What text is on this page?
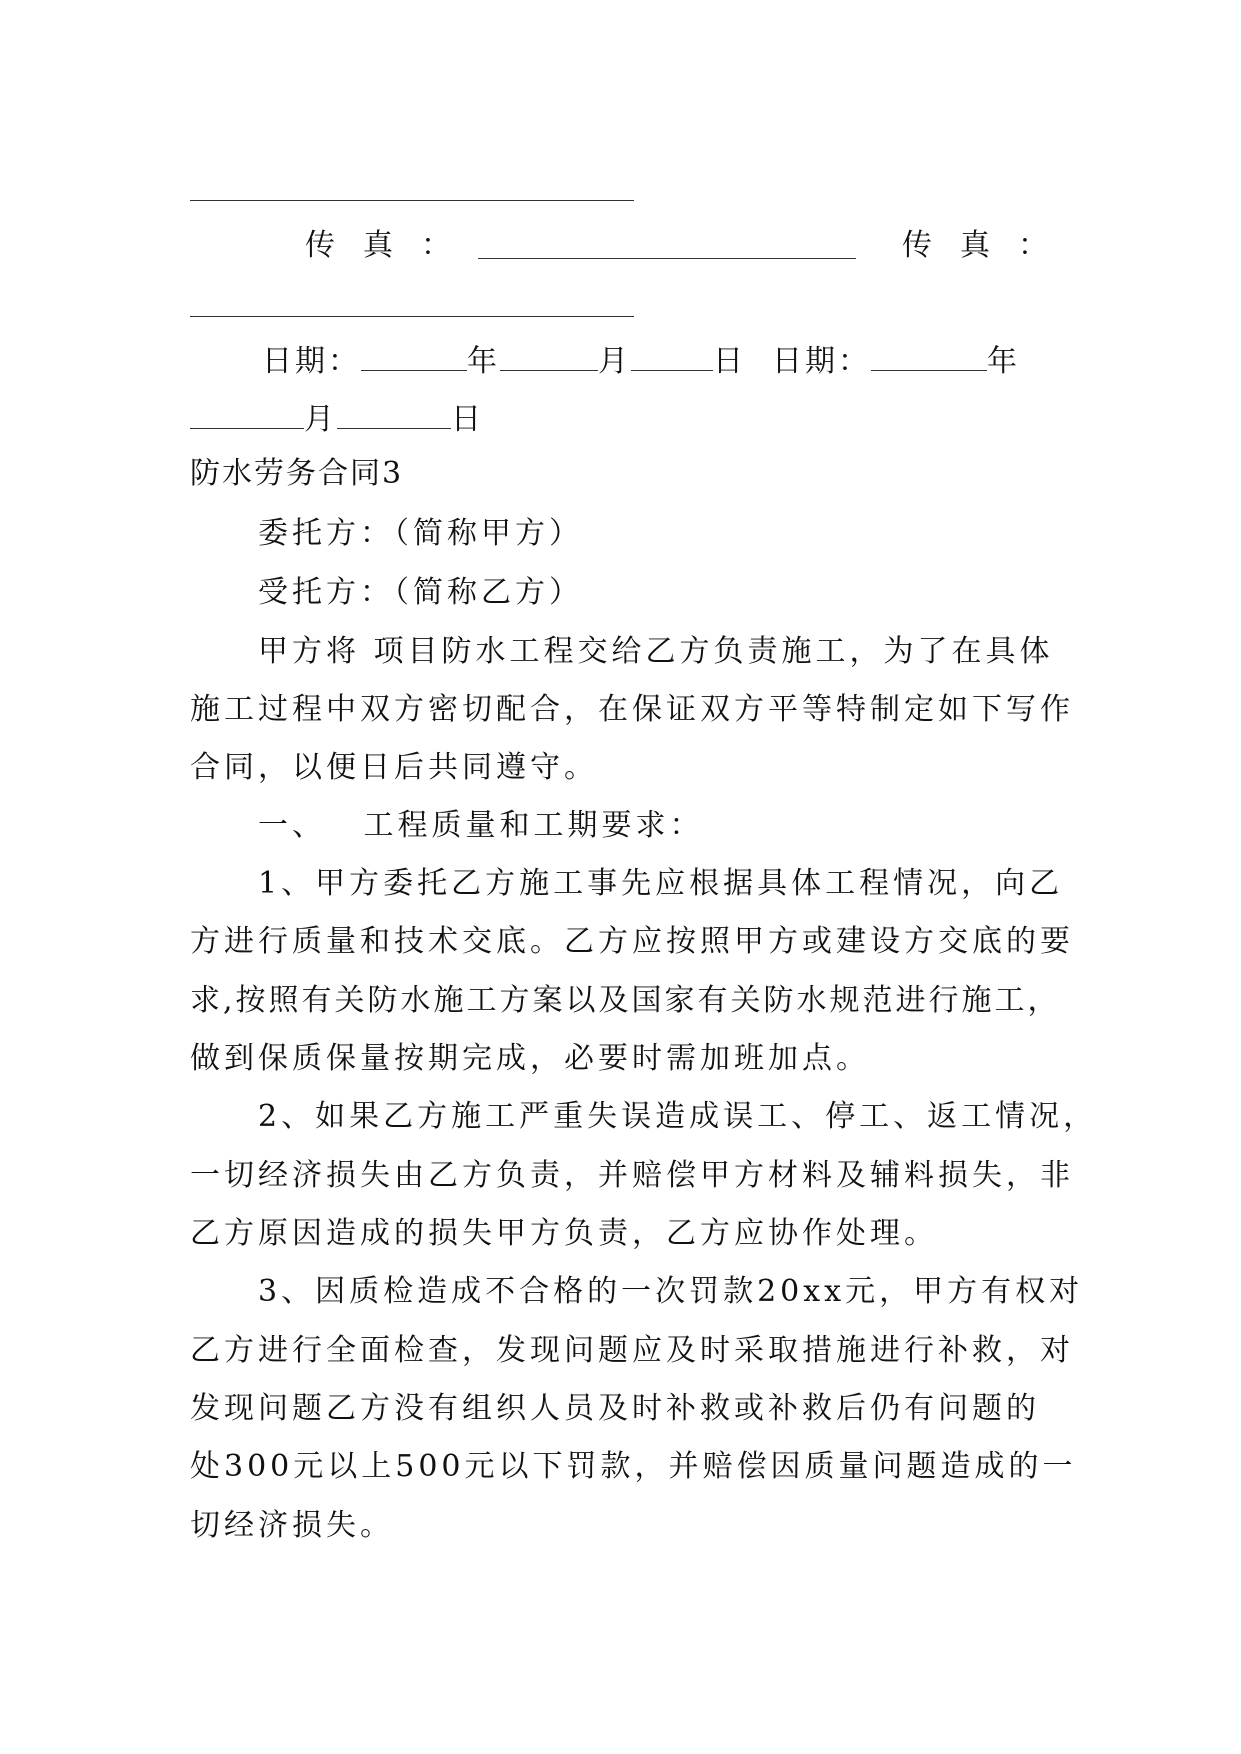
传 真 ：	传 真 ：
日期：	年	月	日 日期：	年
月	日
防水劳务合同3
委托方：（简称甲方）
受托方：（简称乙方）
甲方将 项目防水工程交给乙方负责施工，为了在具体
施工过程中双方密切配合，在保证双方平等特制定如下写作
合同，以便日后共同遵守。
一、 工程质量和工期要求：
1、甲方委托乙方施工事先应根据具体工程情况，向乙
方进行质量和技术交底。乙方应按照甲方或建设方交底的要
求,按照有关防水施工方案以及国家有关防水规范进行施工，
做到保质保量按期完成，必要时需加班加点。
2、如果乙方施工严重失误造成误工、停工、返工情况，
一切经济损失由乙方负责，并赔偿甲方材料及辅料损失，非
乙方原因造成的损失甲方负责，乙方应协作处理。
3、因质检造成不合格的一次罚款20xx元，甲方有权对
乙方进行全面检查，发现问题应及时采取措施进行补救，对
发现问题乙方没有组织人员及时补救或补救后仍有问题的
处300元以上500元以下罚款，并赔偿因质量问题造成的一
切经济损失。
